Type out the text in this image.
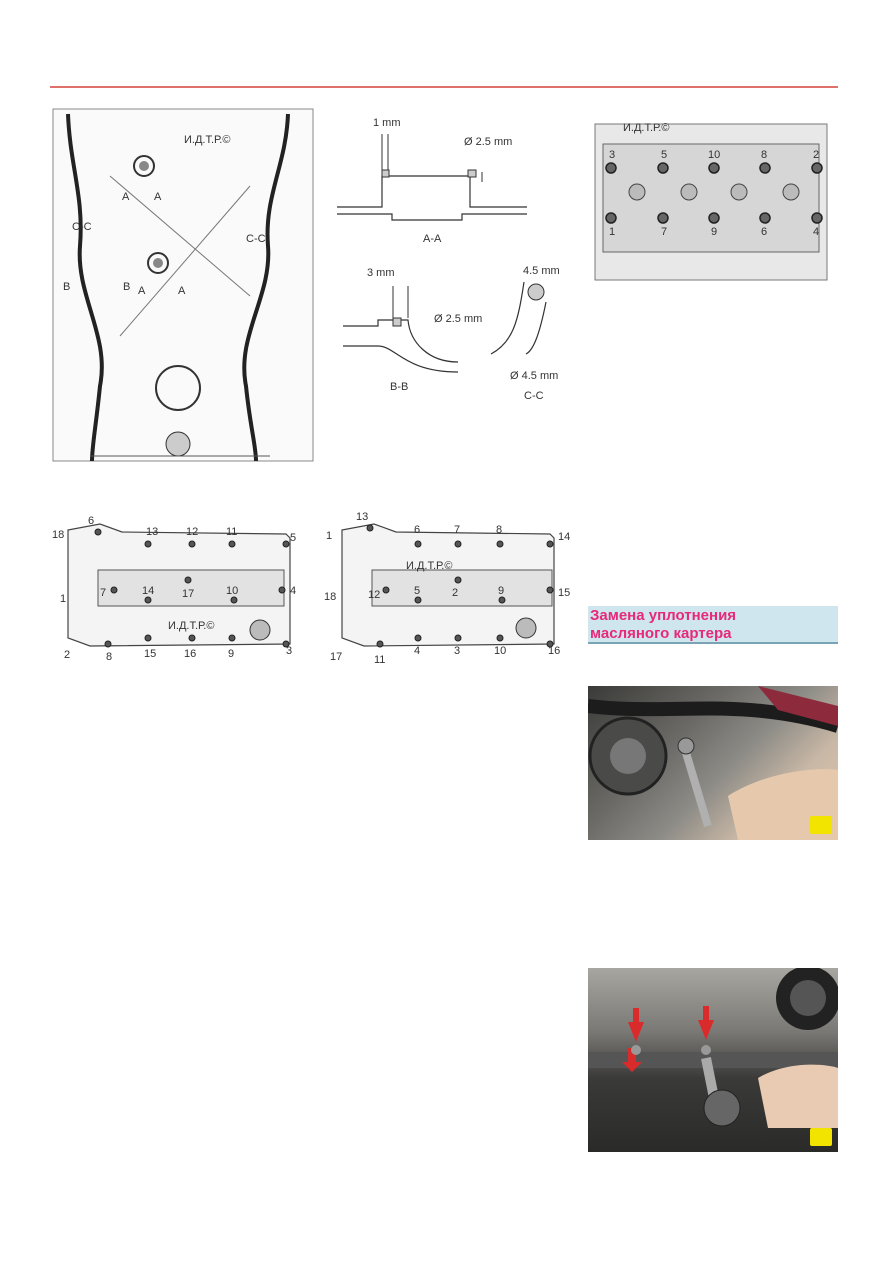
И.Д.Т.Р.©
A A
C-C
C-C
B	B A	A
1 mm
Ø 2.5 mm
A-A
3 mm
Ø 2.5 mm
B-B
4.5 mm
Ø 4.5 mm
C-C
И.Д.Т.Р.©
3	5	10	8	2
1	7	9	6	4
И.Д.Т.Р.©
6
13	12	11	5
7	14	17	10	4
8	15	16	9	3
18
1
2
И.Д.Т.Р.©
13
6	7	8
14
12	5	2	9	15
11
4	3	10	16
1
18
17
Замена уплотнения
масляного картера
